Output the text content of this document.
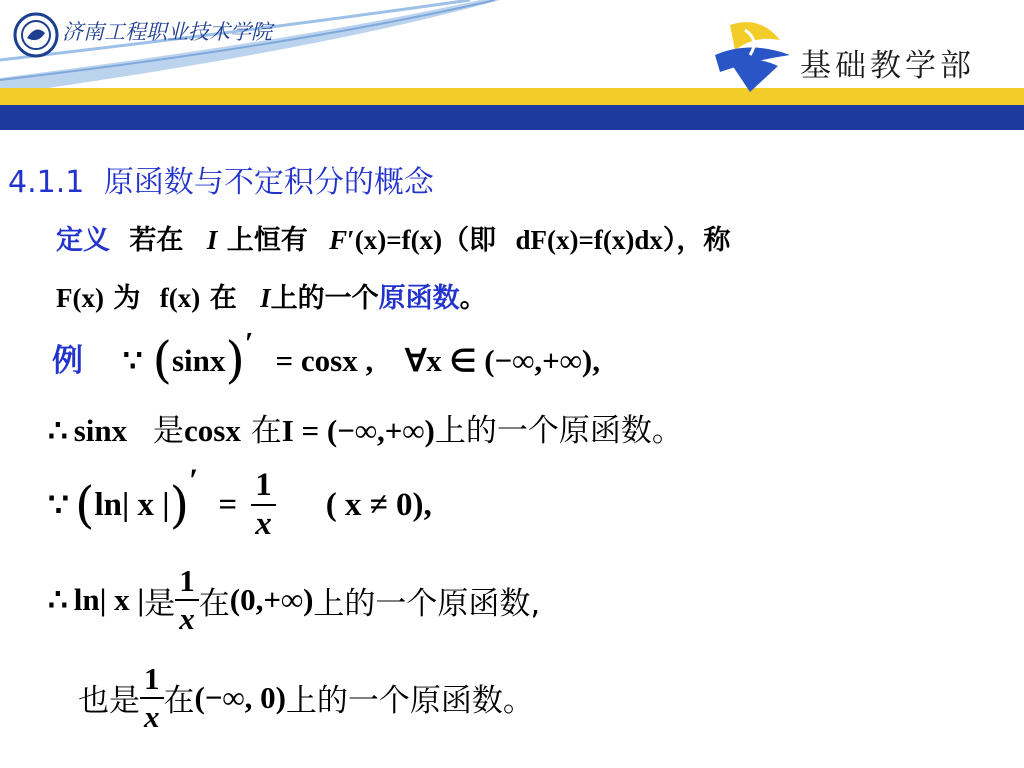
济南工程职业技术学院
基础教学部
4.1.1 原函数与不定积分的概念
定义 若在 I 上恒有 F′(x)=f(x)（即 dF(x)=f(x)dx），称
F(x) 为 f(x) 在 I上的一个原函数。
例 ∵ (sinx)′ = cosx , ∀x ∈ (−∞,+∞),
∴ sinx 是cosx 在I = (−∞,+∞)上的一个原函数。
∵ ( ln| x | ) ′
= $\frac{1}{x}$ ( x ≠ 0),
∴ ln| x | 是 $\frac{1}{x}$ 在 (0,+∞) 上的一个原函数,
也是 $\frac{1}{x}$ 在 (−∞, 0) 上的一个原函数。
